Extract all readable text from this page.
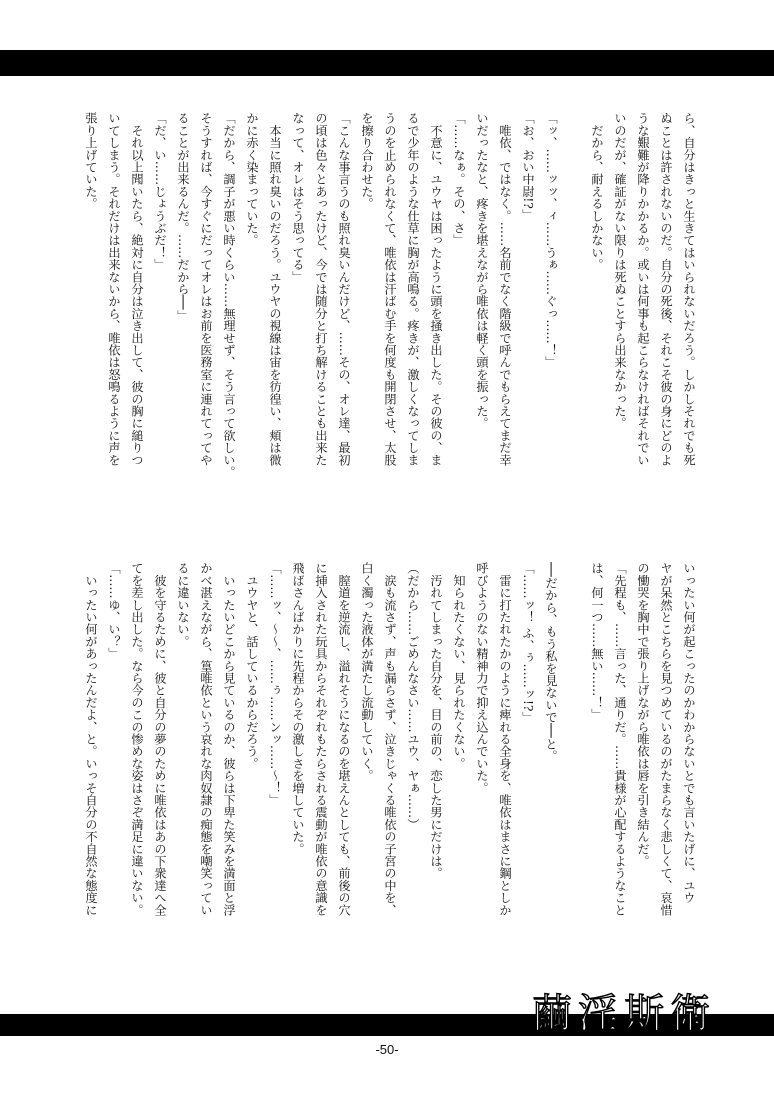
ら、自分はきっと生きてはいられないだろう。しかしそれでも死
ぬことは許されないのだ。自分の死後、それこそ彼の身にどのよ
うな艱難が降りかかるか。或いは何事も起こらなければそれでい
いのだが、確証がない限りは死ぬことすら出来なかった。
　だから、耐えるしかない。

「ッ、……ッッ、ィ……うぁ……ぐっ……！」
「お、おい中尉!?」
　唯依、ではなく。……名前でなく階級で呼んでもらえてまだ幸
いだったなと、疼きを堪えながら唯依は軽く頭を振った。
「……なぁ。その、さ」
　不意に、ユウヤは困ったように頭を掻き出した。その彼の、ま
るで少年のような仕草に胸が高鳴る。疼きが、激しくなってしま
うのを止められなくて、唯依は汗ばむ手を何度も開閉させ、太股
を擦り合わせた。
「こんな事言うのも照れ臭いんだけど、……その、オレ達、最初
の頃は色々とあったけど、今では随分と打ち解けることも出来た
なって、オレはそう思ってる」
　本当に照れ臭いのだろう。ユウヤの視線は宙を彷徨い、頬は微
かに赤く染まっていた。
「だから、調子が悪い時くらい……無理せず、そう言って欲しい。
そうすれば、今すぐにだってオレはお前を医務室に連れてってや
ることが出来るんだ。……だから──」
「だ、い……じょうぶだ！」
　それ以上聞いたら、絶対に自分は泣き出して、彼の胸に縋りつ
いてしまう。それだけは出来ないから、唯依は怒鳴るように声を
張り上げていた。
いったい何が起こったのかわからないとでも言いたげに、ユウ
ヤが呆然とこちらを見つめているのがたまらなく悲しくて、哀惜
の慟哭を胸中で張り上げながら唯依は唇を引き結んだ。
「先程も、……言った、通りだ。……貴様が心配するようなこと
は、何一つ……無い……！」

──だから、もう私を見ないで──と。
「……ッ！ ふ、ぅ……ッ!?」
　雷に打たれたかのように痺れる全身を、唯依はまさに鋼としか
呼びようのない精神力で抑え込んでいた。
　知られたくない、見られたくない。
　汚れてしまった自分を、目の前の、恋した男にだけは。
（だから……ごめんなさい……ユウ、ヤぁ……）
　涙も流さず、声も漏らさず、泣きじゃくる唯依の子宮の中を、
白く濁った液体が満たし流動していく。
　膣道を逆流し、溢れそうになるのを堪えんとしても、前後の穴
に挿入された玩具からそれぞれもたらされる震動が唯依の意識を
飛ばさんばかりに先程からその激しさを増していた。
「……ッ、〜〜、……ぅ……ンッ……〜！」
　ユウヤと、話しているからだろう。
　いったいどこから見ているのか、彼らは下卑た笑みを満面と浮
かべ湛えながら、篁唯依という哀れな肉奴隷の痴態を嘲笑ってい
るに違いない。
　彼を守るために、彼と自分の夢のために唯依はあの下衆達へ全
てを差し出した。なら今のこの惨めな姿はさぞ満足に違いない。
「……ゆ、い？」
　いったい何があったんだよ、と。いっそ自分の不自然な態度に
繭淫斯衛
-50-
